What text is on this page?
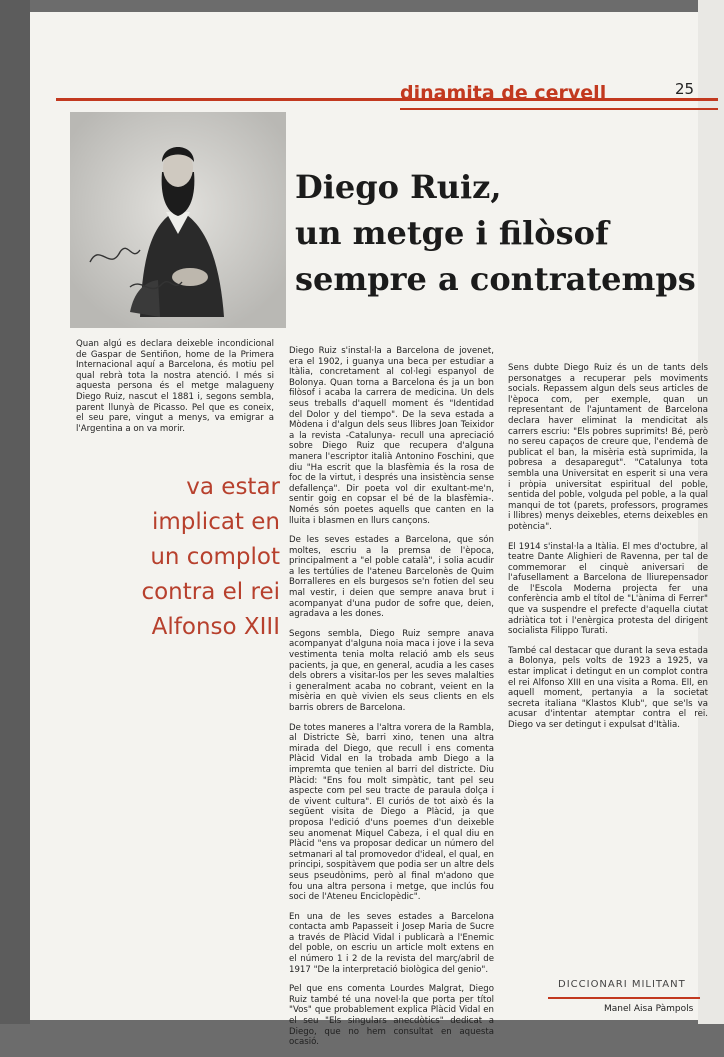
dinamita de cervell	25
Diego Ruiz,
un metge i filòsof
sempre a contratemps

Quan algú es declara deixeble incondicional de Gaspar de Sentiñon, home de la Primera Internacional aquí a Barcelona, és motiu pel qual rebrà tota la nostra atenció. I més si aquesta persona és el metge malagueny Diego Ruiz, nascut el 1881 i, segons sembla, parent llunyà de Picasso. Pel que es coneix, el seu pare, vingut a menys, va emigrar a l'Argentina a on va morir.

va estar
implicat en
un complot
contra el rei
Alfonso XIII

Diego Ruiz s'instal·la a Barcelona de jovenet, era el 1902, i guanya una beca per estudiar a Itàlia, concretament al col·legi espanyol de Bolonya. Quan torna a Barcelona és ja un bon filòsof i acaba la carrera de medicina. Un dels seus treballs d'aquell moment és "Identidad del Dolor y del tiempo". De la seva estada a Mòdena i d'algun dels seus llibres Joan Teixidor a la revista -Catalunya- recull una apreciació sobre Diego Ruiz que recupera d'alguna manera l'escriptor italià Antonino Foschini, que diu "Ha escrit que la blasfèmia és la rosa de foc de la virtut, i després una insistència sense defallença". Dir poeta vol dir exultant-me'n, sentir goig en copsar el bé de la blasfèmia-. Només són poetes aquells que canten en la lluita i blasmen en llurs cançons.

De les seves estades a Barcelona, que són moltes, escriu a la premsa de l'època, principalment a "el poble català", i solia acudir a les tertúlies de l'ateneu Barcelonès de Quim Borralleres en els burgesos se'n fotien del seu mal vestir, i deien que sempre anava brut i acompanyat d'una pudor de sofre que, deien, agradava a les dones.

Segons sembla, Diego Ruiz sempre anava acompanyat d'alguna noia maca i jove i la seva vestimenta tenia molta relació amb els seus pacients, ja que, en general, acudia a les cases dels obrers a visitar-los per les seves malalties i generalment acaba no cobrant, veient en la misèria en què vivien els seus clients en els barris obrers de Barcelona.

De totes maneres a l'altra vorera de la Rambla, al Districte Sè, barri xino, tenen una altra mirada del Diego, que recull i ens comenta Plàcid Vidal en la trobada amb Diego a la impremta que tenien al barri del districte. Diu Plàcid: "Ens fou molt simpàtic, tant pel seu aspecte com pel seu tracte de paraula dolça i de vivent cultura". El curiós de tot això és la següent visita de Diego a Plàcid, ja que proposa l'edició d'uns poemes d'un deixeble seu anomenat Miquel Cabeza, i el qual diu en Plàcid "ens va proposar dedicar un número del setmanari al tal promovedor d'ideal, el qual, en principi, sospitàvem que podia ser un altre dels seus pseudònims, però al final m'adono que fou una altra persona i metge, que inclús fou soci de l'Ateneu Enciclopèdic".

En una de les seves estades a Barcelona contacta amb Papasseit i Josep Maria de Sucre a través de Plàcid Vidal i publicarà a l'Enemic del poble, on escriu un article molt extens en el número 1 i 2 de la revista del març/abril de 1917 "De la interpretació biològica del genio".

Pel que ens comenta Lourdes Malgrat, Diego Ruiz també té una novel·la que porta per títol "Vos" que probablement explica Plàcid Vidal en el seu "Els singulars anecdòtics" dedicat a Diego, que no hem consultat en aquesta ocasió.

Sens dubte Diego Ruiz és un de tants dels personatges a recuperar pels moviments socials. Repassem algun dels seus articles de l'època com, per exemple, quan un representant de l'ajuntament de Barcelona declara haver eliminat la mendicitat als carrers escriu: "Els pobres suprimits! Bé, però no sereu capaços de creure que, l'endemà de publicat el ban, la misèria està suprimida, la pobresa a desaparegut". "Catalunya tota sembla una Universitat en esperit si una vera i pròpia universitat espiritual del poble, sentida del poble, volguda pel poble, a la qual manqui de tot (parets, professors, programes i llibres) menys deixebles, eterns deixebles en potència".

El 1914 s'instal·la a Itàlia. El mes d'octubre, al teatre Dante Alighieri de Ravenna, per tal de commemorar el cinquè aniversari de l'afusellament a Barcelona de lliurepensador de l'Escola Moderna projecta fer una conferència amb el títol de "L'ànima di Ferrer" que va suspendre el prefecte d'aquella ciutat adriàtica tot i l'enèrgica protesta del dirigent socialista Filippo Turati.

També cal destacar que durant la seva estada a Bolonya, pels volts de 1923 a 1925, va estar implicat i detingut en un complot contra el rei Alfonso XIII en una visita a Roma. Ell, en aquell moment, pertanyia a la societat secreta italiana "Klastos Klub", que se'ls va acusar d'intentar atemptar contra el rei. Diego va ser detingut i expulsat d'Itàlia.

DICCIONARI MILITANT
Manel Aisa Pàmpols
